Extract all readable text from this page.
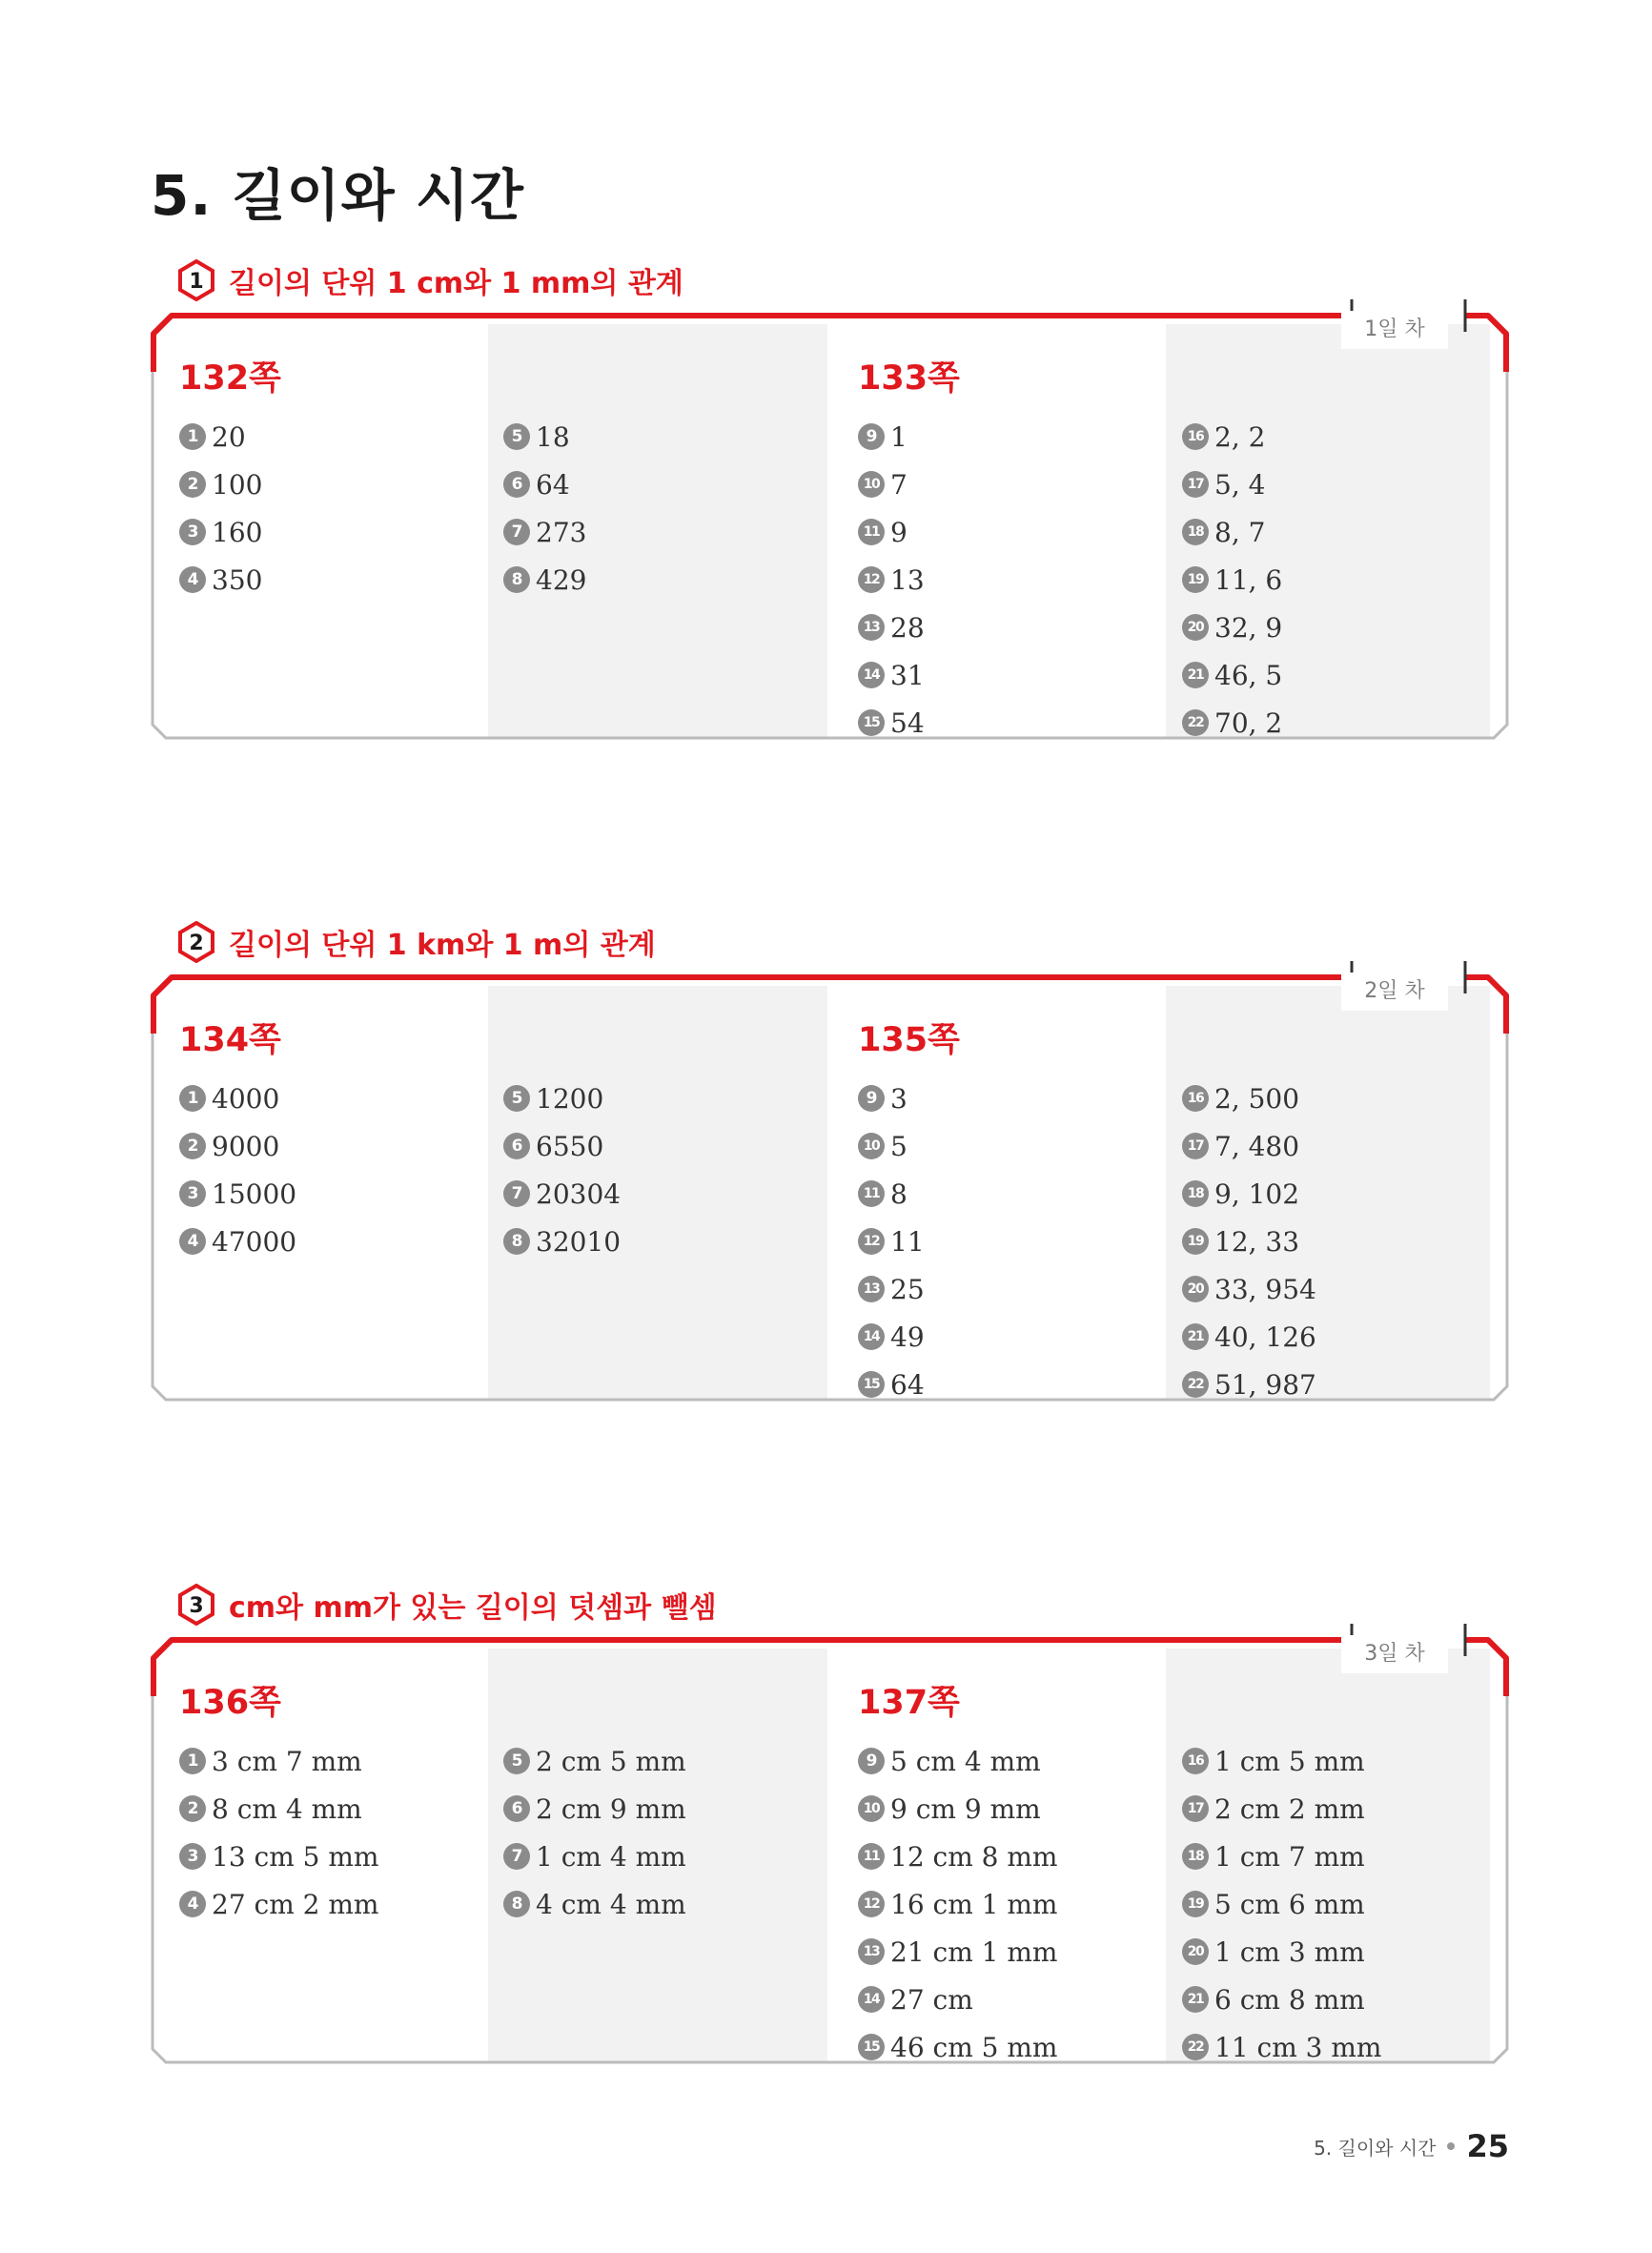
5. 길이와 시간
1 길이의 단위 1 cm와 1 mm의 관계
1일 차
132쪽
1 20
2 100
3 160
4 350
5 18
6 64
7 273
8 429
133쪽
9 1
10 7
11 9
12 13
13 28
14 31
15 54
16 2, 2
17 5, 4
18 8, 7
19 11, 6
20 32, 9
21 46, 5
22 70, 2
2 길이의 단위 1 km와 1 m의 관계
2일 차
134쪽
1 4000
2 9000
3 15000
4 47000
5 1200
6 6550
7 20304
8 32010
135쪽
9 3
10 5
11 8
12 11
13 25
14 49
15 64
16 2, 500
17 7, 480
18 9, 102
19 12, 33
20 33, 954
21 40, 126
22 51, 987
3 cm와 mm가 있는 길이의 덧셈과 뺄셈
3일 차
136쪽
1 3 cm 7 mm
2 8 cm 4 mm
3 13 cm 5 mm
4 27 cm 2 mm
5 2 cm 5 mm
6 2 cm 9 mm
7 1 cm 4 mm
8 4 cm 4 mm
137쪽
9 5 cm 4 mm
10 9 cm 9 mm
11 12 cm 8 mm
12 16 cm 1 mm
13 21 cm 1 mm
14 27 cm
15 46 cm 5 mm
16 1 cm 5 mm
17 2 cm 2 mm
18 1 cm 7 mm
19 5 cm 6 mm
20 1 cm 3 mm
21 6 cm 8 mm
22 11 cm 3 mm
5. 길이와 시간 25
